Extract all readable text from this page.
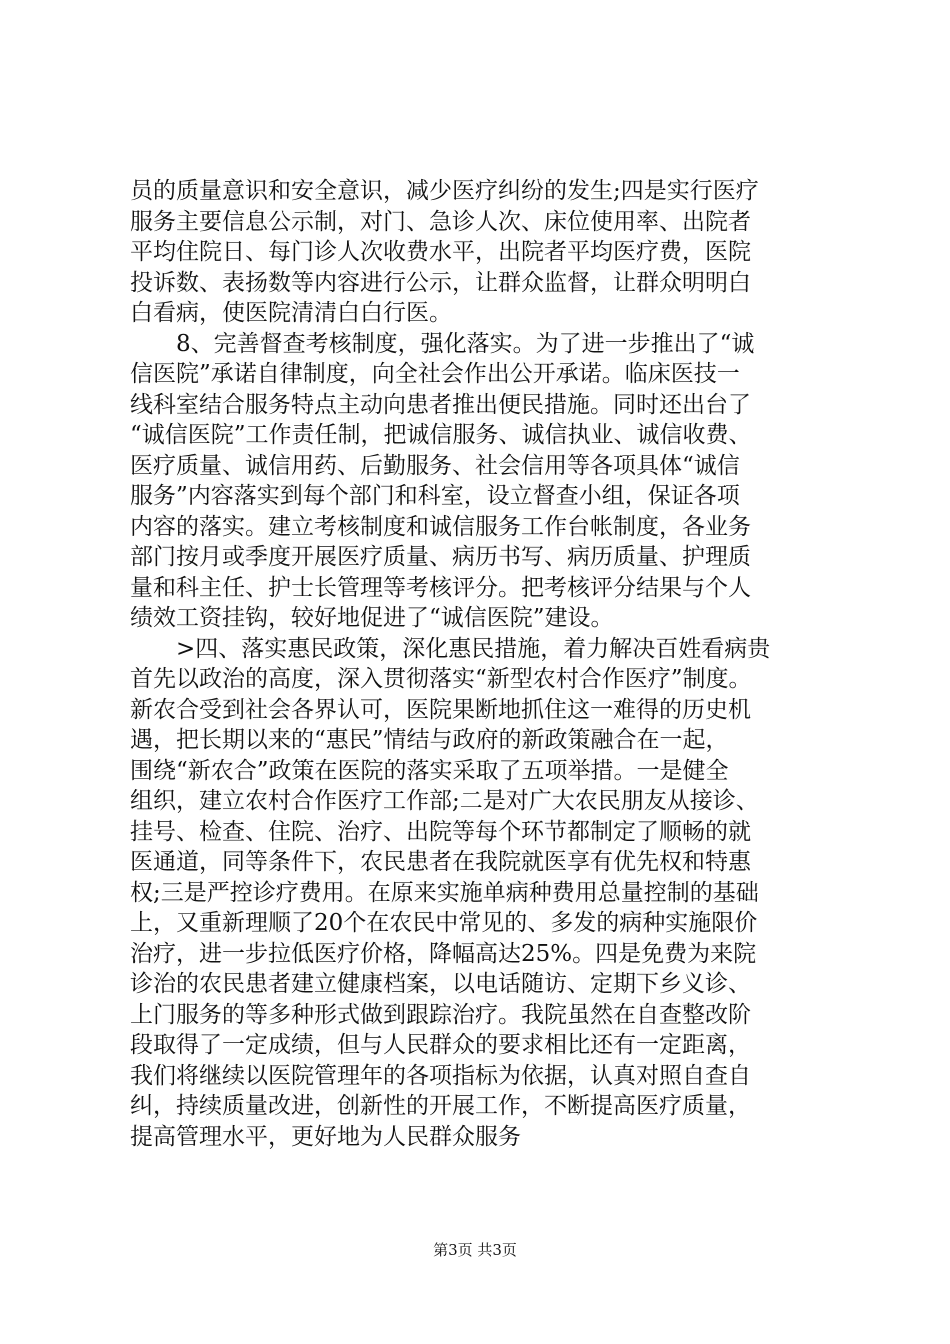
员的质量意识和安全意识，减少医疗纠纷的发生;四是实行医疗
服务主要信息公示制，对门、急诊人次、床位使用率、出院者
平均住院日、每门诊人次收费水平，出院者平均医疗费，医院
投诉数、表扬数等内容进行公示，让群众监督，让群众明明白
白看病，使医院清清白白行医。
　　8、完善督查考核制度，强化落实。为了进一步推出了“诚
信医院”承诺自律制度，向全社会作出公开承诺。临床医技一
线科室结合服务特点主动向患者推出便民措施。同时还出台了
“诚信医院”工作责任制，把诚信服务、诚信执业、诚信收费、
医疗质量、诚信用药、后勤服务、社会信用等各项具体“诚信
服务”内容落实到每个部门和科室，设立督查小组，保证各项
内容的落实。建立考核制度和诚信服务工作台帐制度，各业务
部门按月或季度开展医疗质量、病历书写、病历质量、护理质
量和科主任、护士长管理等考核评分。把考核评分结果与个人
绩效工资挂钩，较好地促进了“诚信医院”建设。
　　>四、落实惠民政策，深化惠民措施，着力解决百姓看病贵
首先以政治的高度，深入贯彻落实“新型农村合作医疗”制度。
新农合受到社会各界认可，医院果断地抓住这一难得的历史机
遇，把长期以来的“惠民”情结与政府的新政策融合在一起，
围绕“新农合”政策在医院的落实采取了五项举措。一是健全
组织，建立农村合作医疗工作部;二是对广大农民朋友从接诊、
挂号、检查、住院、治疗、出院等每个环节都制定了顺畅的就
医通道，同等条件下，农民患者在我院就医享有优先权和特惠
权;三是严控诊疗费用。在原来实施单病种费用总量控制的基础
上，又重新理顺了20个在农民中常见的、多发的病种实施限价
治疗，进一步拉低医疗价格，降幅高达25%。四是免费为来院
诊治的农民患者建立健康档案，以电话随访、定期下乡义诊、
上门服务的等多种形式做到跟踪治疗。我院虽然在自查整改阶
段取得了一定成绩，但与人民群众的要求相比还有一定距离，
我们将继续以医院管理年的各项指标为依据，认真对照自查自
纠，持续质量改进，创新性的开展工作，不断提高医疗质量，
提高管理水平，更好地为人民群众服务
第3页 共3页
